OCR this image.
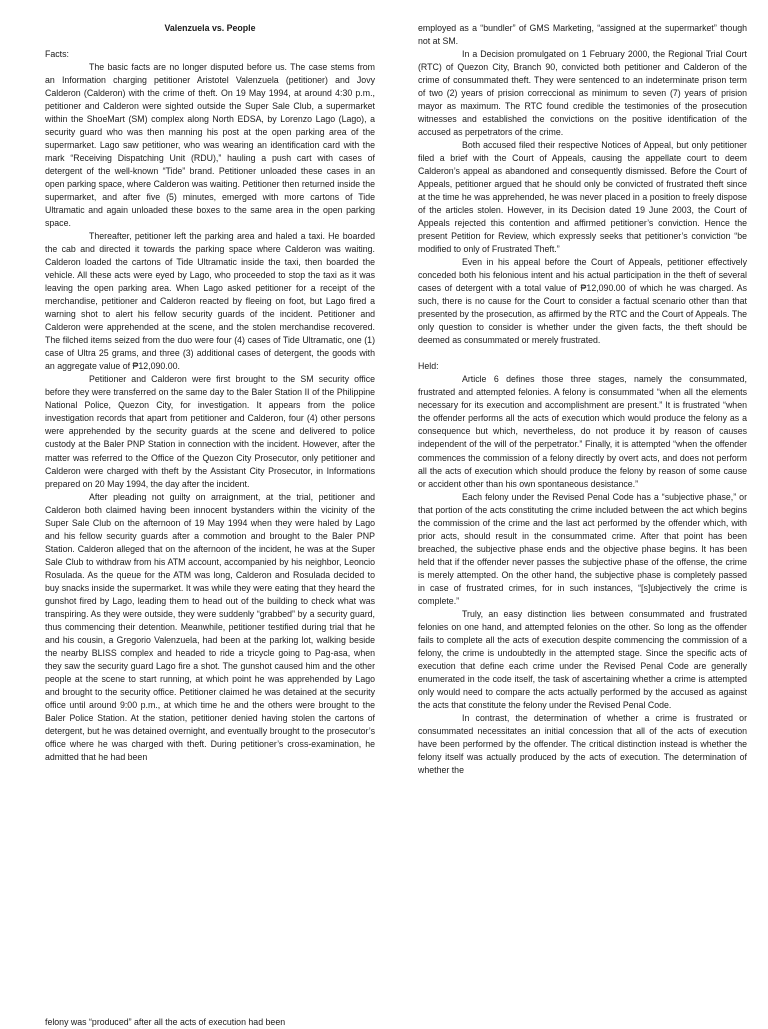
Valenzuela vs. People

Facts:

The basic facts are no longer disputed before us. The case stems from an Information charging petitioner Aristotel Valenzuela (petitioner) and Jovy Calderon (Calderon) with the crime of theft. On 19 May 1994, at around 4:30 p.m., petitioner and Calderon were sighted outside the Super Sale Club, a supermarket within the ShoeMart (SM) complex along North EDSA, by Lorenzo Lago (Lago), a security guard who was then manning his post at the open parking area of the supermarket. Lago saw petitioner, who was wearing an identification card with the mark “Receiving Dispatching Unit (RDU),” hauling a push cart with cases of detergent of the well-known “Tide” brand. Petitioner unloaded these cases in an open parking space, where Calderon was waiting. Petitioner then returned inside the supermarket, and after five (5) minutes, emerged with more cartons of Tide Ultramatic and again unloaded these boxes to the same area in the open parking space.

Thereafter, petitioner left the parking area and haled a taxi. He boarded the cab and directed it towards the parking space where Calderon was waiting. Calderon loaded the cartons of Tide Ultramatic inside the taxi, then boarded the vehicle. All these acts were eyed by Lago, who proceeded to stop the taxi as it was leaving the open parking area. When Lago asked petitioner for a receipt of the merchandise, petitioner and Calderon reacted by fleeing on foot, but Lago fired a warning shot to alert his fellow security guards of the incident. Petitioner and Calderon were apprehended at the scene, and the stolen merchandise recovered. The filched items seized from the duo were four (4) cases of Tide Ultramatic, one (1) case of Ultra 25 grams, and three (3) additional cases of detergent, the goods with an aggregate value of ₱12,090.00.

Petitioner and Calderon were first brought to the SM security office before they were transferred on the same day to the Baler Station II of the Philippine National Police, Quezon City, for investigation. It appears from the police investigation records that apart from petitioner and Calderon, four (4) other persons were apprehended by the security guards at the scene and delivered to police custody at the Baler PNP Station in connection with the incident. However, after the matter was referred to the Office of the Quezon City Prosecutor, only petitioner and Calderon were charged with theft by the Assistant City Prosecutor, in Informations prepared on 20 May 1994, the day after the incident.

After pleading not guilty on arraignment, at the trial, petitioner and Calderon both claimed having been innocent bystanders within the vicinity of the Super Sale Club on the afternoon of 19 May 1994 when they were haled by Lago and his fellow security guards after a commotion and brought to the Baler PNP Station. Calderon alleged that on the afternoon of the incident, he was at the Super Sale Club to withdraw from his ATM account, accompanied by his neighbor, Leoncio Rosulada. As the queue for the ATM was long, Calderon and Rosulada decided to buy snacks inside the supermarket. It was while they were eating that they heard the gunshot fired by Lago, leading them to head out of the building to check what was transpiring. As they were outside, they were suddenly “grabbed” by a security guard, thus commencing their detention. Meanwhile, petitioner testified during trial that he and his cousin, a Gregorio Valenzuela, had been at the parking lot, walking beside the nearby BLISS complex and headed to ride a tricycle going to Pag-asa, when they saw the security guard Lago fire a shot. The gunshot caused him and the other people at the scene to start running, at which point he was apprehended by Lago and brought to the security office. Petitioner claimed he was detained at the security office until around 9:00 p.m., at which time he and the others were brought to the Baler Police Station. At the station, petitioner denied having stolen the cartons of detergent, but he was detained overnight, and eventually brought to the prosecutor’s office where he was charged with theft. During petitioner’s cross-examination, he admitted that he had been

employed as a “bundler” of GMS Marketing, “assigned at the supermarket” though not at SM.

In a Decision promulgated on 1 February 2000, the Regional Trial Court (RTC) of Quezon City, Branch 90, convicted both petitioner and Calderon of the crime of consummated theft. They were sentenced to an indeterminate prison term of two (2) years of prision correccional as minimum to seven (7) years of prision mayor as maximum. The RTC found credible the testimonies of the prosecution witnesses and established the convictions on the positive identification of the accused as perpetrators of the crime.

Both accused filed their respective Notices of Appeal, but only petitioner filed a brief with the Court of Appeals, causing the appellate court to deem Calderon’s appeal as abandoned and consequently dismissed. Before the Court of Appeals, petitioner argued that he should only be convicted of frustrated theft since at the time he was apprehended, he was never placed in a position to freely dispose of the articles stolen. However, in its Decision dated 19 June 2003, the Court of Appeals rejected this contention and affirmed petitioner’s conviction. Hence the present Petition for Review, which expressly seeks that petitioner’s conviction “be modified to only of Frustrated Theft.”

Even in his appeal before the Court of Appeals, petitioner effectively conceded both his felonious intent and his actual participation in the theft of several cases of detergent with a total value of ₱12,090.00 of which he was charged. As such, there is no cause for the Court to consider a factual scenario other than that presented by the prosecution, as affirmed by the RTC and the Court of Appeals. The only question to consider is whether under the given facts, the theft should be deemed as consummated or merely frustrated.

Held:

Article 6 defines those three stages, namely the consummated, frustrated and attempted felonies. A felony is consummated “when all the elements necessary for its execution and accomplishment are present.” It is frustrated “when the offender performs all the acts of execution which would produce the felony as a consequence but which, nevertheless, do not produce it by reason of causes independent of the will of the perpetrator.” Finally, it is attempted “when the offender commences the commission of a felony directly by overt acts, and does not perform all the acts of execution which should produce the felony by reason of some cause or accident other than his own spontaneous desistance.”

Each felony under the Revised Penal Code has a “subjective phase,” or that portion of the acts constituting the crime included between the act which begins the commission of the crime and the last act performed by the offender which, with prior acts, should result in the consummated crime. After that point has been breached, the subjective phase ends and the objective phase begins. It has been held that if the offender never passes the subjective phase of the offense, the crime is merely attempted. On the other hand, the subjective phase is completely passed in case of frustrated crimes, for in such instances, “[s]ubjectively the crime is complete.”

Truly, an easy distinction lies between consummated and frustrated felonies on one hand, and attempted felonies on the other. So long as the offender fails to complete all the acts of execution despite commencing the commission of a felony, the crime is undoubtedly in the attempted stage. Since the specific acts of execution that define each crime under the Revised Penal Code are generally enumerated in the code itself, the task of ascertaining whether a crime is attempted only would need to compare the acts actually performed by the accused as against the acts that constitute the felony under the Revised Penal Code.

In contrast, the determination of whether a crime is frustrated or consummated necessitates an initial concession that all of the acts of execution have been performed by the offender. The critical distinction instead is whether the felony itself was actually produced by the acts of execution. The determination of whether the

felony was “produced” after all the acts of execution had been
